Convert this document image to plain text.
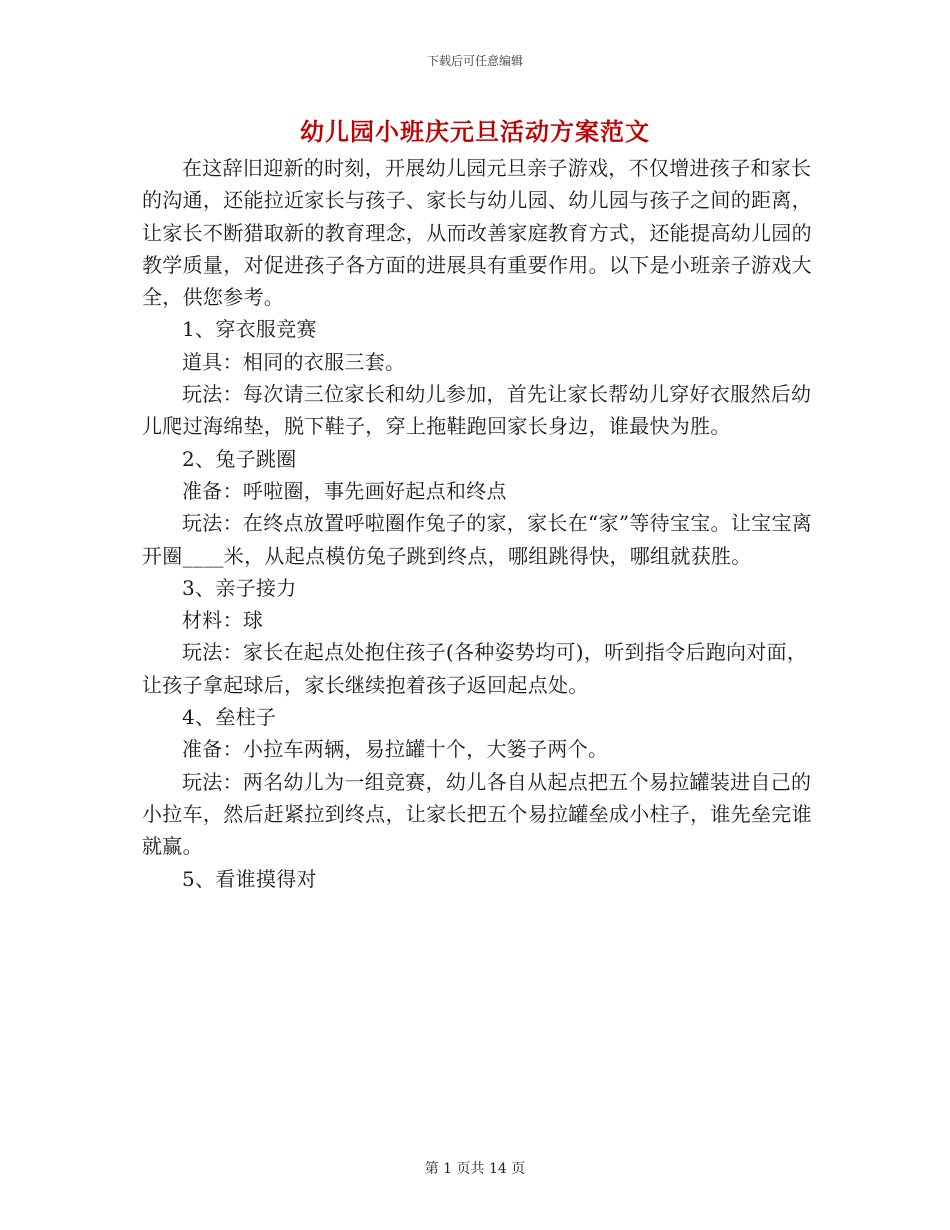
下载后可任意编辑
幼儿园小班庆元旦活动方案范文

在这辞旧迎新的时刻，开展幼儿园元旦亲子游戏，不仅增进孩子和家长的沟通，还能拉近家长与孩子、家长与幼儿园、幼儿园与孩子之间的距离，让家长不断猎取新的教育理念，从而改善家庭教育方式，还能提高幼儿园的教学质量，对促进孩子各方面的进展具有重要作用。以下是小班亲子游戏大全，供您参考。

1、穿衣服竞赛

道具：相同的衣服三套。

玩法：每次请三位家长和幼儿参加，首先让家长帮幼儿穿好衣服然后幼儿爬过海绵垫，脱下鞋子，穿上拖鞋跑回家长身边，谁最快为胜。

2、兔子跳圈

准备：呼啦圈，事先画好起点和终点

玩法：在终点放置呼啦圈作兔子的家，家长在“家”等待宝宝。让宝宝离开圈____米，从起点模仿兔子跳到终点，哪组跳得快，哪组就获胜。

3、亲子接力

材料：球

玩法：家长在起点处抱住孩子(各种姿势均可)，听到指令后跑向对面，让孩子拿起球后，家长继续抱着孩子返回起点处。

4、垒柱子

准备：小拉车两辆，易拉罐十个，大篓子两个。

玩法：两名幼儿为一组竞赛，幼儿各自从起点把五个易拉罐装进自己的小拉车，然后赶紧拉到终点，让家长把五个易拉罐垒成小柱子，谁先垒完谁就赢。

5、看谁摸得对

第 1 页共 14 页
